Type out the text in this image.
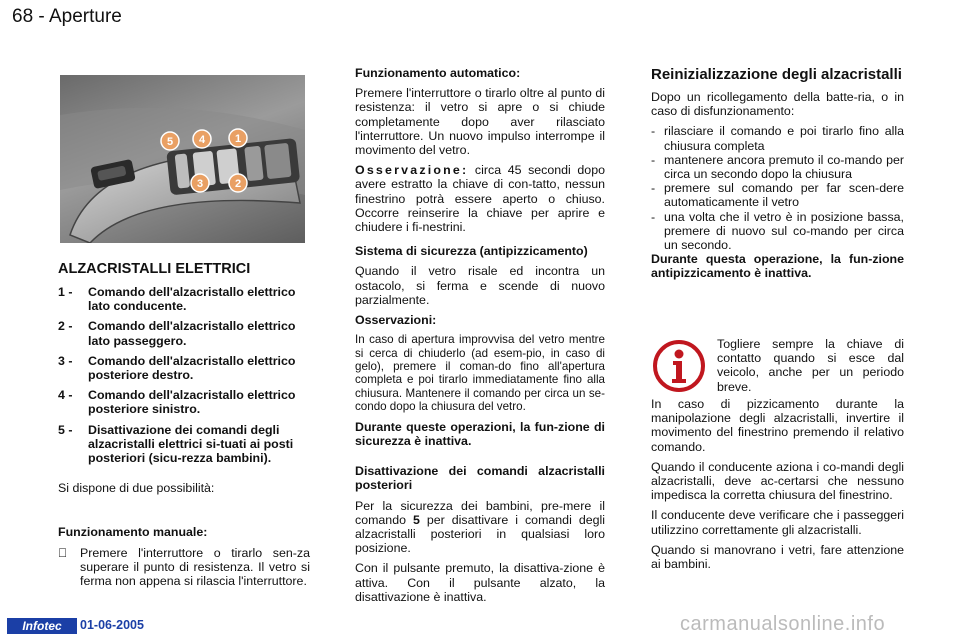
68 - Aperture
5 4	1
3	2
ALZACRISTALLI ELETTRICI
1 -	Comando dell'alzacristallo elettrico lato conducente.
2 -	Comando dell'alzacristallo elettrico lato passeggero.
3 -	Comando dell'alzacristallo elettrico posteriore destro.
4 -	Comando dell'alzacristallo elettrico posteriore sinistro.
5 -	Disattivazione dei comandi degli alzacristalli elettrici si-tuati ai posti posteriori (sicu-rezza bambini).

Si dispone di due possibilità:

Funzionamento manuale:

Premere l'interruttore o tirarlo sen-za superare il punto di resistenza. Il vetro si ferma non appena si rilascia l'interruttore.

Funzionamento automatico:

Premere l'interruttore o tirarlo oltre al punto di resistenza: il vetro si apre o si chiude completamente dopo aver rilasciato l'interruttore. Un nuovo impulso interrompe il movimento del vetro.

Osservazione: circa 45 secondi dopo avere estratto la chiave di con-tatto, nessun finestrino potrà essere aperto o chiuso. Occorre reinserire la chiave per aprire e chiudere i fi-nestrini.

Sistema di sicurezza (antipizzicamento)

Quando il vetro risale ed incontra un ostacolo, si ferma e scende di nuovo parzialmente.

Osservazioni:

In caso di apertura improvvisa del vetro mentre si cerca di chiuderlo (ad esem-pio, in caso di gelo), premere il coman-do fino all'apertura completa e poi tirarlo immediatamente fino alla chiusura. Mantenere il comando per circa un se-condo dopo la chiusura del vetro.

Durante queste operazioni, la fun-zione di sicurezza è inattiva.

Disattivazione dei comandi alzacristalli posteriori

Per la sicurezza dei bambini, pre-mere il comando 5 per disattivare i comandi degli alzacristalli posteriori in qualsiasi loro posizione.

Con il pulsante premuto, la disattiva-zione è attiva. Con il pulsante alzato, la disattivazione è inattiva.

Reinizializzazione degli alzacristalli

Dopo un ricollegamento della batte-ria, o in caso di disfunzionamento:

- rilasciare il comando e poi tirarlo fino alla chiusura completa
- mantenere ancora premuto il co-mando per circa un secondo dopo la chiusura
- premere sul comando per far scen-dere automaticamente il vetro
- una volta che il vetro è in posizione bassa, premere di nuovo sul co-mando per circa un secondo.

Durante questa operazione, la fun-zione antipizzicamento è inattiva.

Togliere sempre la chiave di contatto quando si esce dal veicolo, anche per un periodo breve.

In caso di pizzicamento durante la manipolazione degli alzacristalli, invertire il movimento del finestrino premendo il relativo comando.

Quando il conducente aziona i co-mandi degli alzacristalli, deve ac-certarsi che nessuno impedisca la corretta chiusura del finestrino.

Il conducente deve verificare che i passeggeri utilizzino correttamente gli alzacristalli.

Quando si manovrano i vetri, fare attenzione ai bambini.

Infotec	01-06-2005	carmanualsonline.info
